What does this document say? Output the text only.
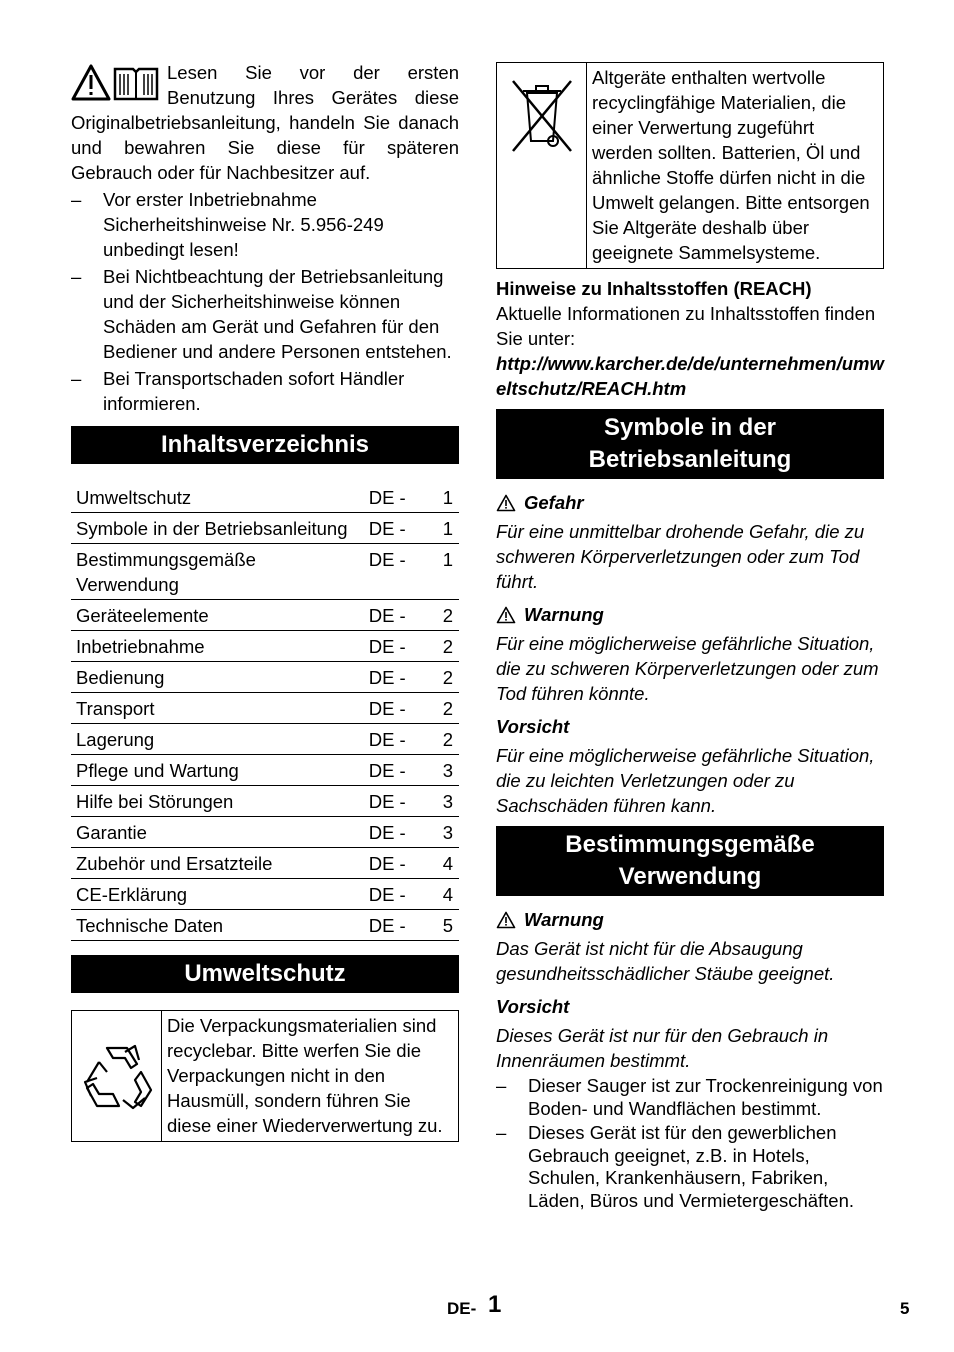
Lesen Sie vor der ersten Benutzung Ihres Gerätes diese Originalbetriebsanleitung, handeln Sie danach und bewahren Sie diese für späteren Gebrauch oder für Nachbesitzer auf.

–	Vor erster Inbetriebnahme Sicherheitshinweise Nr. 5.956-249 unbedingt lesen!
–	Bei Nichtbeachtung der Betriebsanleitung und der Sicherheitshinweise können Schäden am Gerät und Gefahren für den Bediener und andere Personen entstehen.
–	Bei Transportschaden sofort Händler informieren.
Inhaltsverzeichnis
Umweltschutz	DE -	1
Symbole in der Betriebsanleitung	DE -	1
Bestimmungsgemäße Verwendung	DE -	1
Geräteelemente	DE -	2
Inbetriebnahme	DE -	2
Bedienung	DE -	2
Transport	DE -	2
Lagerung	DE -	2
Pflege und Wartung	DE -	3
Hilfe bei Störungen	DE -	3
Garantie	DE -	3
Zubehör und Ersatzteile	DE -	4
CE-Erklärung	DE -	4
Technische Daten	DE -	5
Umweltschutz
Die Verpackungsmaterialien sind recyclebar. Bitte werfen Sie die Verpackungen nicht in den Hausmüll, sondern führen Sie diese einer Wiederverwertung zu.
Altgeräte enthalten wertvolle recyclingfähige Materialien, die einer Verwertung zugeführt werden sollten. Batterien, Öl und ähnliche Stoffe dürfen nicht in die Umwelt gelangen. Bitte entsorgen Sie Altgeräte deshalb über geeignete Sammelsysteme.
Hinweise zu Inhaltsstoffen (REACH)
Aktuelle Informationen zu Inhaltsstoffen finden Sie unter:
http://www.karcher.de/de/unternehmen/umweltschutz/REACH.htm
Symbole in der Betriebsanleitung
Gefahr

Für eine unmittelbar drohende Gefahr, die zu schweren Körperverletzungen oder zum Tod führt.

Warnung

Für eine möglicherweise gefährliche Situation, die zu schweren Körperverletzungen oder zum Tod führen könnte.

Vorsicht

Für eine möglicherweise gefährliche Situation, die zu leichten Verletzungen oder zu Sachschäden führen kann.

Bestimmungsgemäße Verwendung
Warnung

Das Gerät ist nicht für die Absaugung gesundheitsschädlicher Stäube geeignet.

Vorsicht

Dieses Gerät ist nur für den Gebrauch in Innenräumen bestimmt.

–	Dieser Sauger ist zur Trockenreinigung von Boden- und Wandflächen bestimmt.
–	Dieses Gerät ist für den gewerblichen Gebrauch geeignet, z.B. in Hotels, Schulen, Krankenhäusern, Fabriken, Läden, Büros und Vermietergeschäften.
DE- 1	5
